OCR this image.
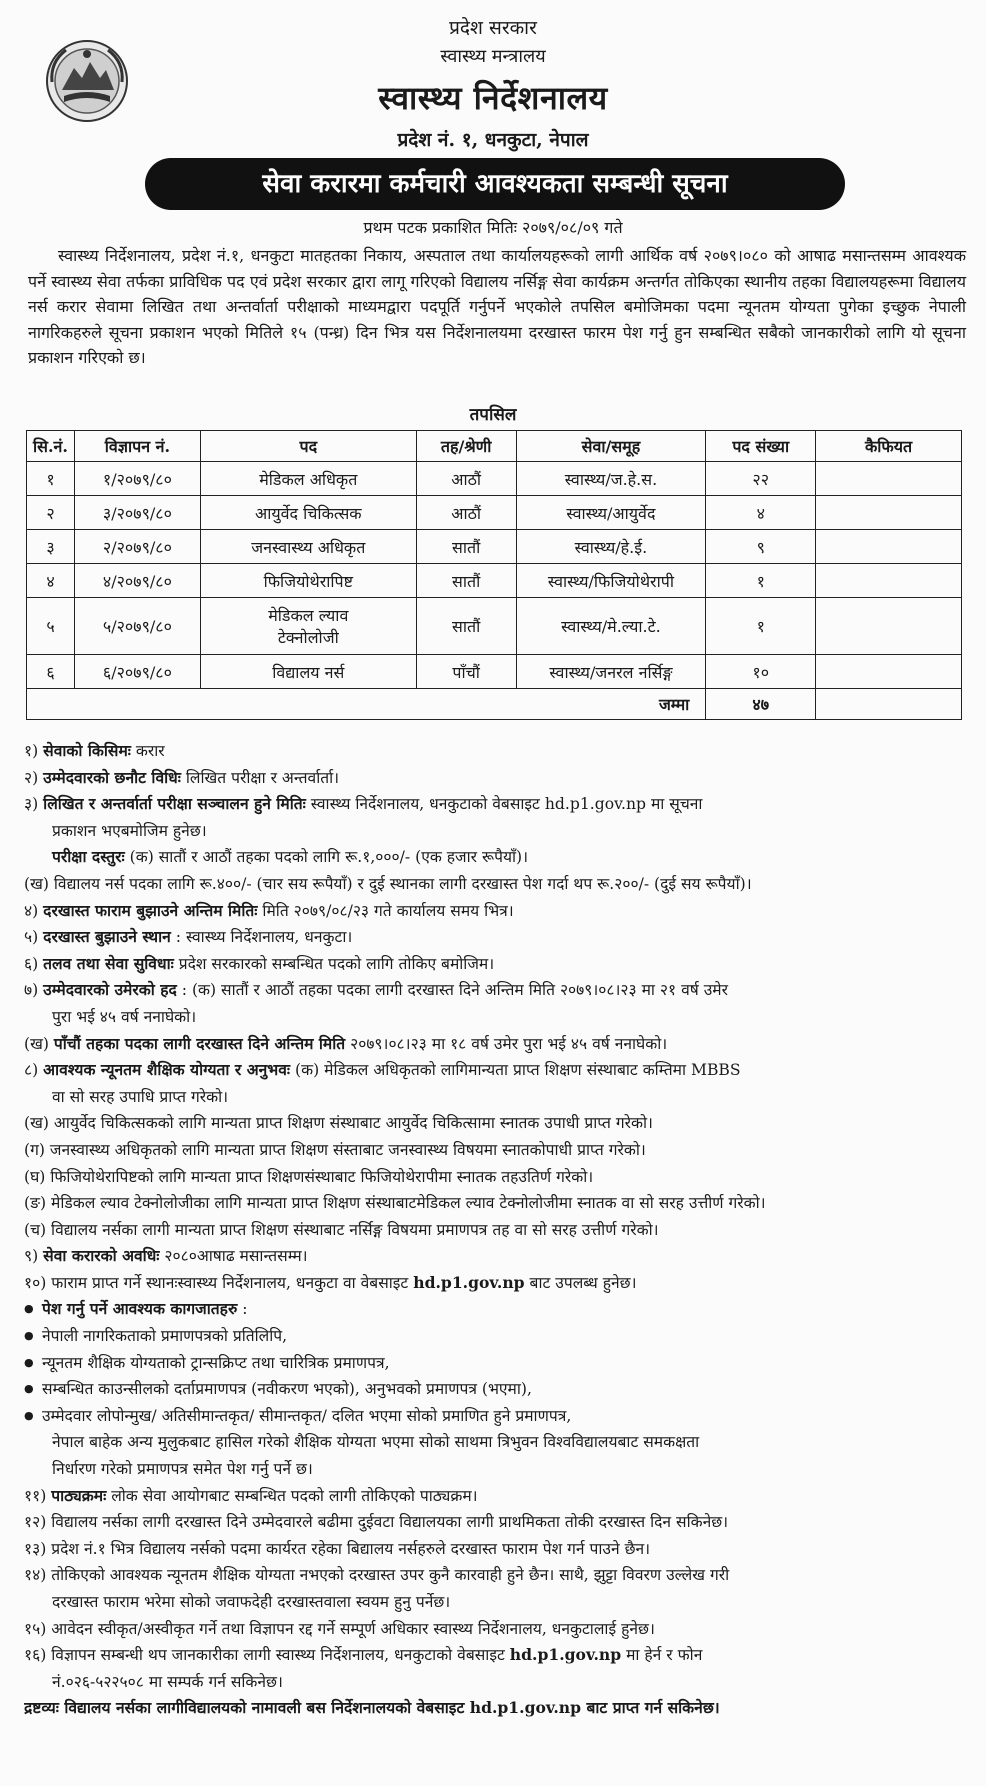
प्रदेश सरकार
स्वास्थ्य मन्त्रालय
स्वास्थ्य निर्देशनालय
प्रदेश नं. १, धनकुटा, नेपाल
सेवा करारमा कर्मचारी आवश्यकता सम्बन्धी सूचना
प्रथम पटक प्रकाशित मितिः २०७९/०८/०९ गते
स्वास्थ्य निर्देशनालय, प्रदेश नं.१, धनकुटा मातहतका निकाय, अस्पताल तथा कार्यालयहरूको लागी आर्थिक वर्ष २०७९।०८० को आषाढ मसान्तसम्म आवश्यक पर्ने स्वास्थ्य सेवा तर्फका प्राविधिक पद एवं प्रदेश सरकार द्वारा लागू गरिएको विद्यालय नर्सिङ्ग सेवा कार्यक्रम अन्तर्गत तोकिएका स्थानीय तहका विद्यालयहरूमा विद्यालय नर्स करार सेवामा लिखित तथा अन्तर्वार्ता परीक्षाको माध्यमद्वारा पदपूर्ति गर्नुपर्ने भएकोले तपसिल बमोजिमका पदमा न्यूनतम योग्यता पुगेका इच्छुक नेपाली नागरिकहरुले सूचना प्रकाशन भएको मितिले १५ (पन्ध्र) दिन भित्र यस निर्देशनालयमा दरखास्त फारम पेश गर्नु हुन सम्बन्धित सबैको जानकारीको लागि यो सूचना प्रकाशन गरिएको छ।
तपसिल
सि.नं.	विज्ञापन नं.	पद	तह/श्रेणी	सेवा/समूह	पद संख्या	कैफियत
१	१/२०७९/८०	मेडिकल अधिकृत	आठौं	स्वास्थ्य/ज.हे.स.	२२	
२	३/२०७९/८०	आयुर्वेद चिकित्सक	आठौं	स्वास्थ्य/आयुर्वेद	४	
३	२/२०७९/८०	जनस्वास्थ्य अधिकृत	सातौं	स्वास्थ्य/हे.ई.	९	
४	४/२०७९/८०	फिजियोथेरापिष्ट	सातौं	स्वास्थ्य/फिजियोथेरापी	१	
५	५/२०७९/८०	मेडिकल ल्याव टेक्नोलोजी	सातौं	स्वास्थ्य/मे.ल्या.टे.	१	
६	६/२०७९/८०	विद्यालय नर्स	पाँचौं	स्वास्थ्य/जनरल नर्सिङ्ग	१०	
जम्मा					४७	
१) सेवाको किसिमः करार
२) उम्मेदवारको छनौट विधिः लिखित परीक्षा र अन्तर्वार्ता।
३) लिखित र अन्तर्वार्ता परीक्षा सञ्चालन हुने मितिः स्वास्थ्य निर्देशनालय, धनकुटाको वेबसाइट hd.p1.gov.np मा सूचना
प्रकाशन भएबमोजिम हुनेछ।
परीक्षा दस्तुरः (क) सातौं र आठौं तहका पदको लागि रू.१,०००/- (एक हजार रूपैयाँ)।
(ख) विद्यालय नर्स पदका लागि रू.४००/- (चार सय रूपैयाँ) र दुई स्थानका लागी दरखास्त पेश गर्दा थप रू.२००/- (दुई सय रूपैयाँ)।
४) दरखास्त फाराम बुझाउने अन्तिम मितिः मिति २०७९/०८/२३ गते कार्यालय समय भित्र।
५) दरखास्त बुझाउने स्थान : स्वास्थ्य निर्देशनालय, धनकुटा।
६) तलव तथा सेवा सुविधाः प्रदेश सरकारको सम्बन्धित पदको लागि तोकिए बमोजिम।
७) उम्मेदवारको उमेरको हद : (क) सातौं र आठौं तहका पदका लागी दरखास्त दिने अन्तिम मिति २०७९।०८।२३ मा २१ वर्ष उमेर
पुरा भई ४५ वर्ष ननाघेको।
(ख) पाँचौं तहका पदका लागी दरखास्त दिने अन्तिम मिति २०७९।०८।२३ मा १८ वर्ष उमेर पुरा भई ४५ वर्ष ननाघेको।
८) आवश्यक न्यूनतम शैक्षिक योग्यता र अनुभवः (क) मेडिकल अधिकृतको लागिमान्यता प्राप्त शिक्षण संस्थाबाट कम्तिमा MBBS
वा सो सरह उपाधि प्राप्त गरेको।
(ख) आयुर्वेद चिकित्सकको लागि मान्यता प्राप्त शिक्षण संस्थाबाट आयुर्वेद चिकित्सामा स्नातक उपाधी प्राप्त गरेको।
(ग) जनस्वास्थ्य अधिकृतको लागि मान्यता प्राप्त शिक्षण संस्ताबाट जनस्वास्थ्य विषयमा स्नातकोपाधी प्राप्त गरेको।
(घ) फिजियोथेरापिष्टको लागि मान्यता प्राप्त शिक्षणसंस्थाबाट फिजियोथेरापीमा स्नातक तहउतिर्ण गरेको।
(ङ) मेडिकल ल्याव टेक्नोलोजीका लागि मान्यता प्राप्त शिक्षण संस्थाबाटमेडिकल ल्याव टेक्नोलोजीमा स्नातक वा सो सरह उत्तीर्ण गरेको।
(च) विद्यालय नर्सका लागी मान्यता प्राप्त शिक्षण संस्थाबाट नर्सिङ्ग विषयमा प्रमाणपत्र तह वा सो सरह उत्तीर्ण गरेको।
९) सेवा करारको अवधिः २०८०आषाढ मसान्तसम्म।
१०) फाराम प्राप्त गर्ने स्थानःस्वास्थ्य निर्देशनालय, धनकुटा वा वेबसाइट hd.p1.gov.np बाट उपलब्ध हुनेछ।
● पेश गर्नु पर्ने आवश्यक कागजातहरु :
● नेपाली नागरिकताको प्रमाणपत्रको प्रतिलिपि,
● न्यूनतम शैक्षिक योग्यताको ट्रान्सक्रिप्ट तथा चारित्रिक प्रमाणपत्र,
● सम्बन्धित काउन्सीलको दर्ताप्रमाणपत्र (नवीकरण भएको), अनुभवको प्रमाणपत्र (भएमा),
● उम्मेदवार लोपोन्मुख/ अतिसीमान्तकृत/ सीमान्तकृत/ दलित भएमा सोको प्रमाणित हुने प्रमाणपत्र,
नेपाल बाहेक अन्य मुलुकबाट हासिल गरेको शैक्षिक योग्यता भएमा सोको साथमा त्रिभुवन विश्वविद्यालयबाट समकक्षता
निर्धारण गरेको प्रमाणपत्र समेत पेश गर्नु पर्ने छ।
११) पाठ्यक्रमः लोक सेवा आयोगबाट सम्बन्धित पदको लागी तोकिएको पाठ्यक्रम।
१२) विद्यालय नर्सका लागी दरखास्त दिने उम्मेदवारले बढीमा दुईवटा विद्यालयका लागी प्राथमिकता तोकी दरखास्त दिन सकिनेछ।
१३) प्रदेश नं.१ भित्र विद्यालय नर्सको पदमा कार्यरत रहेका बिद्यालय नर्सहरुले दरखास्त फाराम पेश गर्न पाउने छैन।
१४) तोकिएको आवश्यक न्यूनतम शैक्षिक योग्यता नभएको दरखास्त उपर कुनै कारवाही हुने छैन। साथै, झुट्टा विवरण उल्लेख गरी
दरखास्त फाराम भरेमा सोको जवाफदेही दरखास्तवाला स्वयम हुनु पर्नेछ।
१५) आवेदन स्वीकृत/अस्वीकृत गर्ने तथा विज्ञापन रद्द गर्ने सम्पूर्ण अधिकार स्वास्थ्य निर्देशनालय, धनकुटालाई हुनेछ।
१६) विज्ञापन सम्बन्धी थप जानकारीका लागी स्वास्थ्य निर्देशनालय, धनकुटाको वेबसाइट hd.p1.gov.np मा हेर्न र फोन
नं.०२६-५२२५०८ मा सम्पर्क गर्न सकिनेछ।
द्रष्टव्यः विद्यालय नर्सका लागीविद्यालयको नामावली बस निर्देशनालयको वेबसाइट hd.p1.gov.np बाट प्राप्त गर्न सकिनेछ।
